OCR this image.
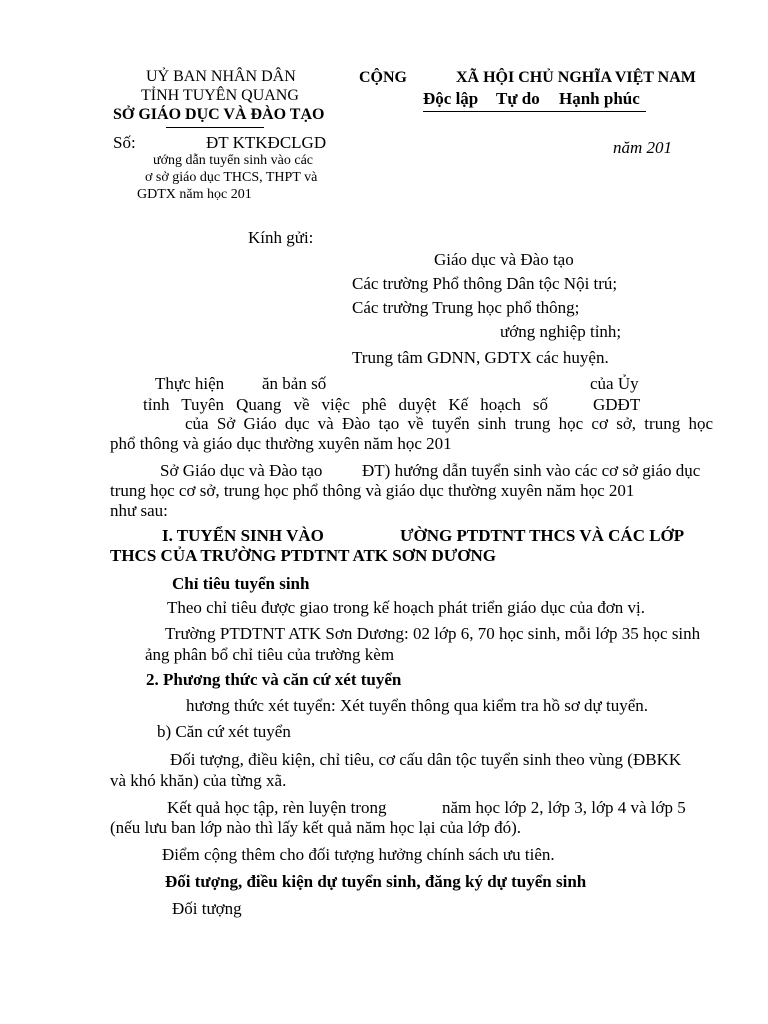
UỶ BAN NHÂN DÂN
TỈNH TUYÊN QUANG
SỞ GIÁO DỤC VÀ ĐÀO TẠO
Số:	ĐT KTKĐCLGD
ướng dẫn tuyển sinh vào các
ơ sở giáo dục THCS, THPT và
GDTX năm học 201
CỘNG	XÃ HỘI CHỦ NGHĨA VIỆT NAM
Độc lập Tự do Hạnh phúc
năm 201
Kính gửi:
Giáo dục và Đào tạo
Các trường Phổ thông Dân tộc Nội trú;
Các trường Trung học phổ thông;
ướng nghiệp tỉnh;
Trung tâm GDNN, GDTX các huyện.
Thực hiện ăn bản số	của Ủy
tỉnh Tuyên Quang về việc phê duyệt Kế hoạch số	GDĐT
của Sở Giáo dục và Đào tạo về tuyển sinh trung học cơ sở, trung học
phổ thông và giáo dục thường xuyên năm học 201
Sở Giáo dục và Đào tạo ĐT) hướng dẫn tuyển sinh vào các cơ sở giáo dục
trung học cơ sở, trung học phổ thông và giáo dục thường xuyên năm học 201
như sau:
I. TUYỂN SINH VÀO	ƯỜNG PTDTNT THCS VÀ CÁC LỚP
THCS CỦA TRƯỜNG PTDTNT ATK SƠN DƯƠNG
Chỉ tiêu tuyển sinh
Theo chỉ tiêu được giao trong kế hoạch phát triển giáo dục của đơn vị.
Trường PTDTNT ATK Sơn Dương: 02 lớp 6, 70 học sinh, mỗi lớp 35 học sinh
ảng phân bổ chỉ tiêu của trường kèm
2. Phương thức và căn cứ xét tuyển
hương thức xét tuyển: Xét tuyển thông qua kiểm tra hồ sơ dự tuyển.
b) Căn cứ xét tuyển
Đối tượng, điều kiện, chỉ tiêu, cơ cấu dân tộc tuyển sinh theo vùng (ĐBKK
và khó khăn) của từng xã.
Kết quả học tập, rèn luyện trong	năm học lớp 2, lớp 3, lớp 4 và lớp 5
(nếu lưu ban lớp nào thì lấy kết quả năm học lại của lớp đó).
Điểm cộng thêm cho đối tượng hưởng chính sách ưu tiên.
Đối tượng, điều kiện dự tuyển sinh, đăng ký dự tuyển sinh
Đối tượng
